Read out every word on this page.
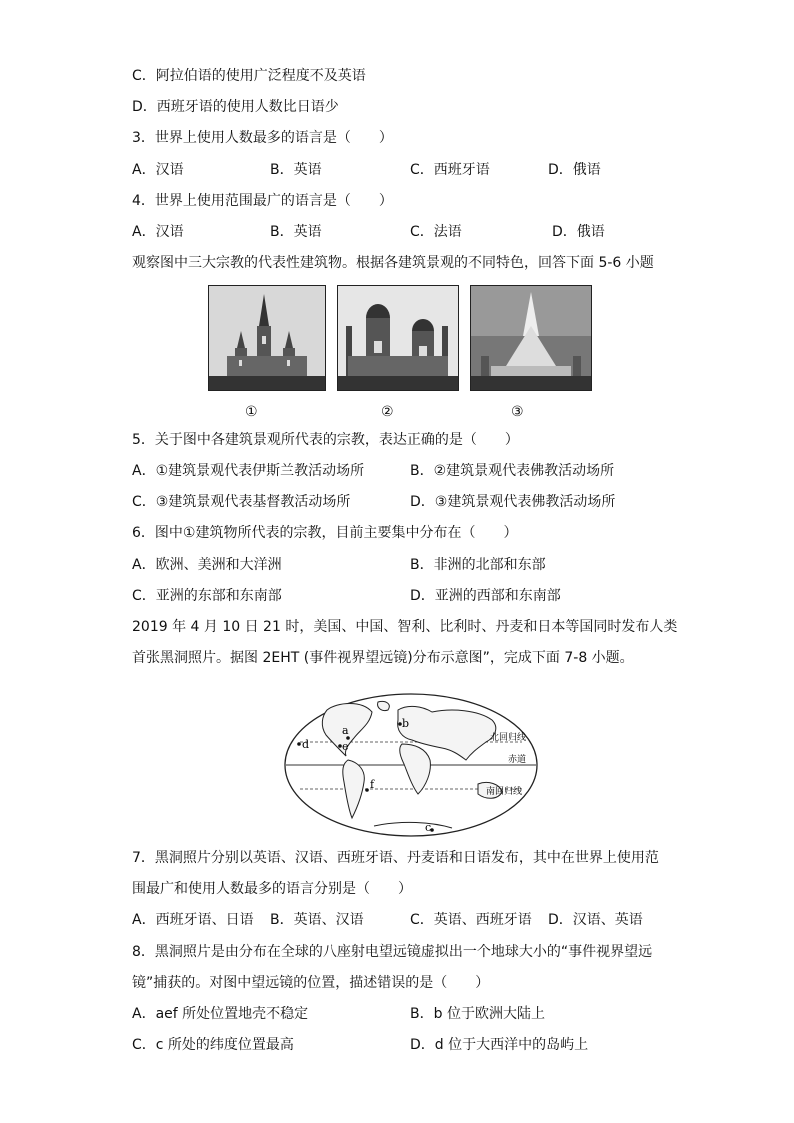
C．阿拉伯语的使用广泛程度不及英语
D．西班牙语的使用人数比日语少
3．世界上使用人数最多的语言是（　　）
A．汉语	B．英语	C．西班牙语	D．俄语
4．世界上使用范围最广的语言是（　　）
A．汉语	B．英语	C．法语	D．俄语
观察图中三大宗教的代表性建筑物。根据各建筑景观的不同特色，回答下面 5-6 小题
①	②	③
5．关于图中各建筑景观所代表的宗教，表达正确的是（　　）
A．①建筑景观代表伊斯兰教活动场所	B．②建筑景观代表佛教活动场所
C．③建筑景观代表基督教活动场所	D．③建筑景观代表佛教活动场所
6．图中①建筑物所代表的宗教，目前主要集中分布在（　　）
A．欧洲、美洲和大洋洲	B．非洲的北部和东部
C．亚洲的东部和东南部	D．亚洲的西部和东南部
2019 年 4 月 10 日 21 时，美国、中国、智利、比利时、丹麦和日本等国同时发布人类
首张黑洞照片。据图 2EHT (事件视界望远镜)分布示意图”，完成下面 7-8 小题。
a
b
c
d	e
f
北回归线
赤道
南回归线
7．黑洞照片分别以英语、汉语、西班牙语、丹麦语和日语发布，其中在世界上使用范
围最广和使用人数最多的语言分别是（　　）
A．西班牙语、日语 B．英语、汉语	C．英语、西班牙语 D．汉语、英语
8．黑洞照片是由分布在全球的八座射电望远镜虚拟出一个地球大小的“事件视界望远
镜”捕获的。对图中望远镜的位置，描述错误的是（　　）
A．aef 所处位置地壳不稳定	B．b 位于欧洲大陆上
C．c 所处的纬度位置最高	D．d 位于大西洋中的岛屿上
